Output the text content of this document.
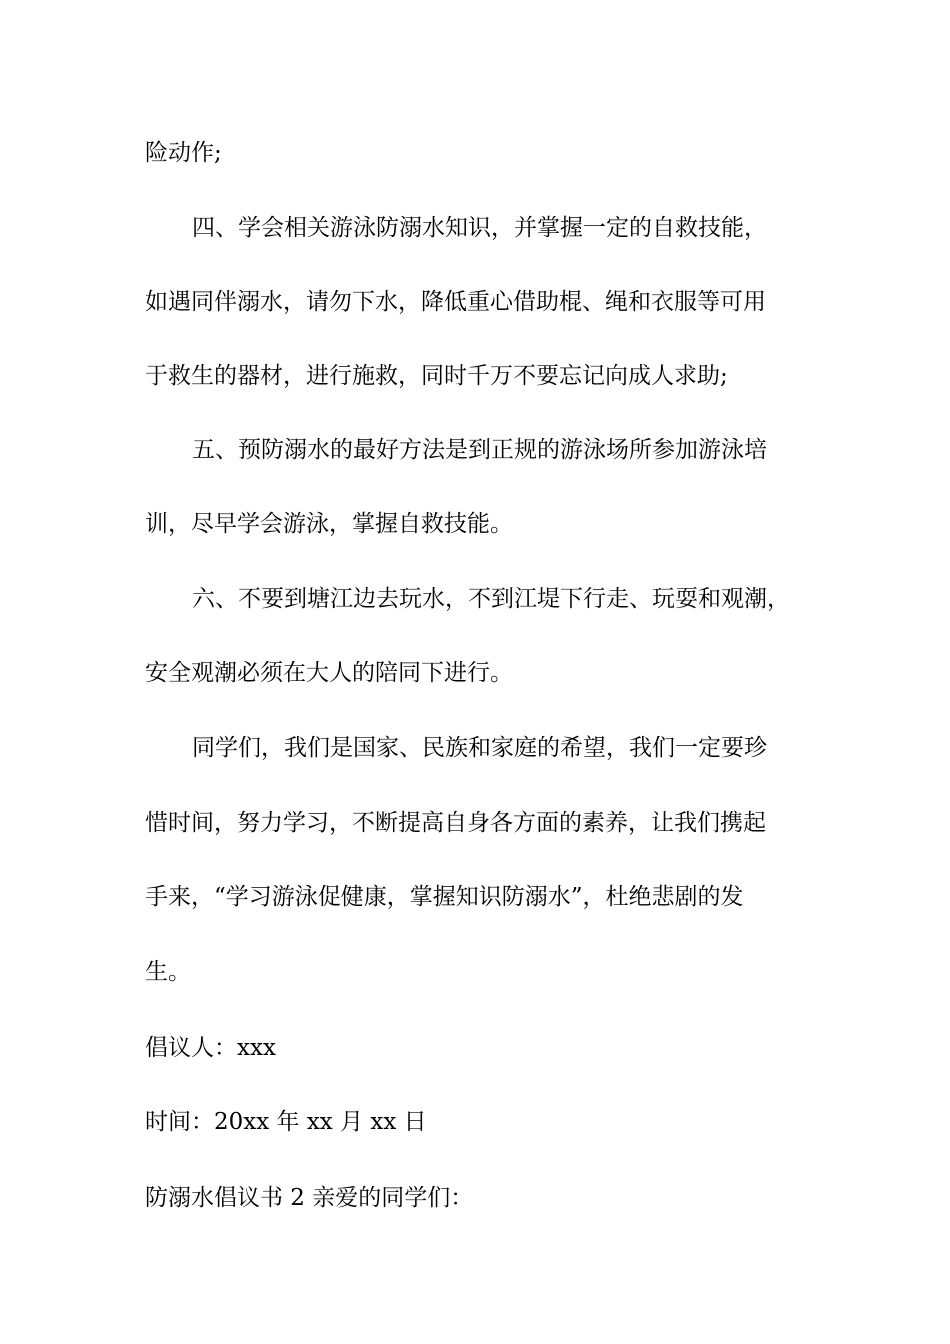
险动作;
四、学会相关游泳防溺水知识，并掌握一定的自救技能，
如遇同伴溺水，请勿下水，降低重心借助棍、绳和衣服等可用
于救生的器材，进行施救，同时千万不要忘记向成人求助;
五、预防溺水的最好方法是到正规的游泳场所参加游泳培
训，尽早学会游泳，掌握自救技能。
六、不要到塘江边去玩水，不到江堤下行走、玩耍和观潮，
安全观潮必须在大人的陪同下进行。
同学们，我们是国家、民族和家庭的希望，我们一定要珍
惜时间，努力学习，不断提高自身各方面的素养，让我们携起
手来，“学习游泳促健康，掌握知识防溺水”，杜绝悲剧的发
生。
倡议人：xxx
时间：20xx 年 xx 月 xx 日
防溺水倡议书 2 亲爱的同学们：
